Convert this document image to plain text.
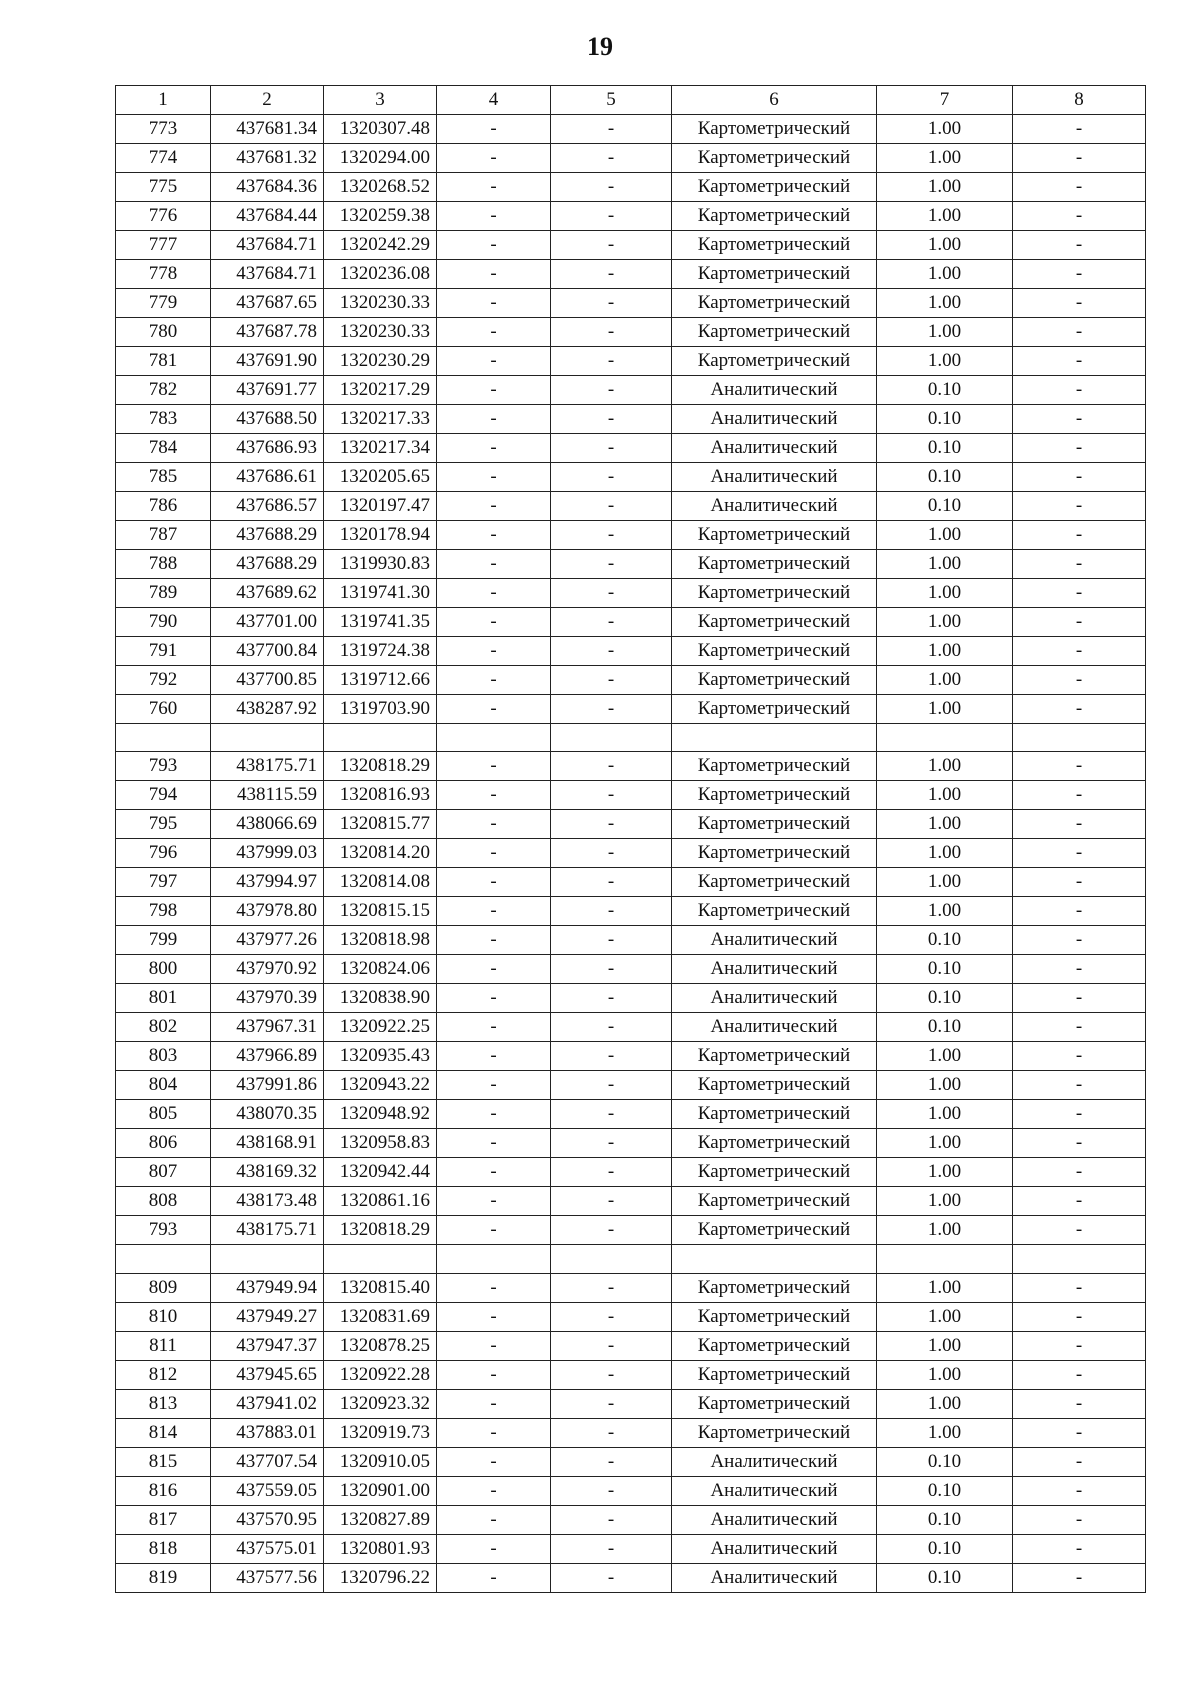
19
1	2	3	4	5	6	7	8
773	437681.34	1320307.48	-	-	Картометрический	1.00	-
774	437681.32	1320294.00	-	-	Картометрический	1.00	-
775	437684.36	1320268.52	-	-	Картометрический	1.00	-
776	437684.44	1320259.38	-	-	Картометрический	1.00	-
777	437684.71	1320242.29	-	-	Картометрический	1.00	-
778	437684.71	1320236.08	-	-	Картометрический	1.00	-
779	437687.65	1320230.33	-	-	Картометрический	1.00	-
780	437687.78	1320230.33	-	-	Картометрический	1.00	-
781	437691.90	1320230.29	-	-	Картометрический	1.00	-
782	437691.77	1320217.29	-	-	Аналитический	0.10	-
783	437688.50	1320217.33	-	-	Аналитический	0.10	-
784	437686.93	1320217.34	-	-	Аналитический	0.10	-
785	437686.61	1320205.65	-	-	Аналитический	0.10	-
786	437686.57	1320197.47	-	-	Аналитический	0.10	-
787	437688.29	1320178.94	-	-	Картометрический	1.00	-
788	437688.29	1319930.83	-	-	Картометрический	1.00	-
789	437689.62	1319741.30	-	-	Картометрический	1.00	-
790	437701.00	1319741.35	-	-	Картометрический	1.00	-
791	437700.84	1319724.38	-	-	Картометрический	1.00	-
792	437700.85	1319712.66	-	-	Картометрический	1.00	-
760	438287.92	1319703.90	-	-	Картометрический	1.00	-

793	438175.71	1320818.29	-	-	Картометрический	1.00	-
794	438115.59	1320816.93	-	-	Картометрический	1.00	-
795	438066.69	1320815.77	-	-	Картометрический	1.00	-
796	437999.03	1320814.20	-	-	Картометрический	1.00	-
797	437994.97	1320814.08	-	-	Картометрический	1.00	-
798	437978.80	1320815.15	-	-	Картометрический	1.00	-
799	437977.26	1320818.98	-	-	Аналитический	0.10	-
800	437970.92	1320824.06	-	-	Аналитический	0.10	-
801	437970.39	1320838.90	-	-	Аналитический	0.10	-
802	437967.31	1320922.25	-	-	Аналитический	0.10	-
803	437966.89	1320935.43	-	-	Картометрический	1.00	-
804	437991.86	1320943.22	-	-	Картометрический	1.00	-
805	438070.35	1320948.92	-	-	Картометрический	1.00	-
806	438168.91	1320958.83	-	-	Картометрический	1.00	-
807	438169.32	1320942.44	-	-	Картометрический	1.00	-
808	438173.48	1320861.16	-	-	Картометрический	1.00	-
793	438175.71	1320818.29	-	-	Картометрический	1.00	-

809	437949.94	1320815.40	-	-	Картометрический	1.00	-
810	437949.27	1320831.69	-	-	Картометрический	1.00	-
811	437947.37	1320878.25	-	-	Картометрический	1.00	-
812	437945.65	1320922.28	-	-	Картометрический	1.00	-
813	437941.02	1320923.32	-	-	Картометрический	1.00	-
814	437883.01	1320919.73	-	-	Картометрический	1.00	-
815	437707.54	1320910.05	-	-	Аналитический	0.10	-
816	437559.05	1320901.00	-	-	Аналитический	0.10	-
817	437570.95	1320827.89	-	-	Аналитический	0.10	-
818	437575.01	1320801.93	-	-	Аналитический	0.10	-
819	437577.56	1320796.22	-	-	Аналитический	0.10	-
